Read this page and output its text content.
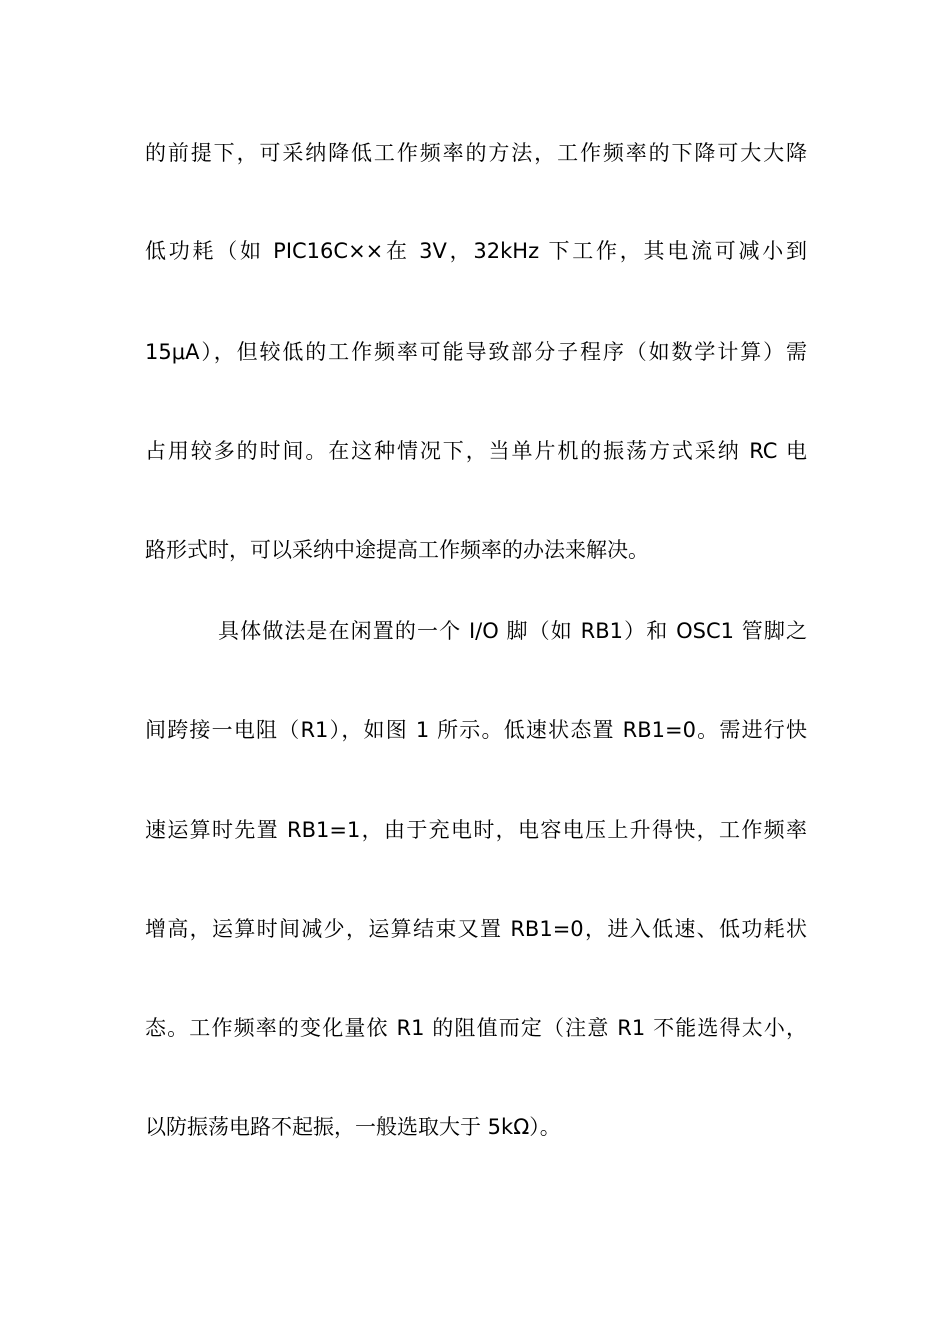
的前提下，可采纳降低工作频率的方法，工作频率的下降可大大降
低功耗（如 PIC16C××在 3V，32kHz 下工作，其电流可减小到
15μA），但较低的工作频率可能导致部分子程序（如数学计算）需
占用较多的时间。在这种情况下，当单片机的振荡方式采纳 RC 电
路形式时，可以采纳中途提高工作频率的办法来解决。
具体做法是在闲置的一个 I/O 脚（如 RB1）和 OSC1 管脚之
间跨接一电阻（R1），如图 1 所示。低速状态置 RB1=0。需进行快
速运算时先置 RB1=1，由于充电时，电容电压上升得快，工作频率
增高，运算时间减少，运算结束又置 RB1=0，进入低速、低功耗状
态。工作频率的变化量依 R1 的阻值而定（注意 R1 不能选得太小，
以防振荡电路不起振，一般选取大于 5kΩ）。
